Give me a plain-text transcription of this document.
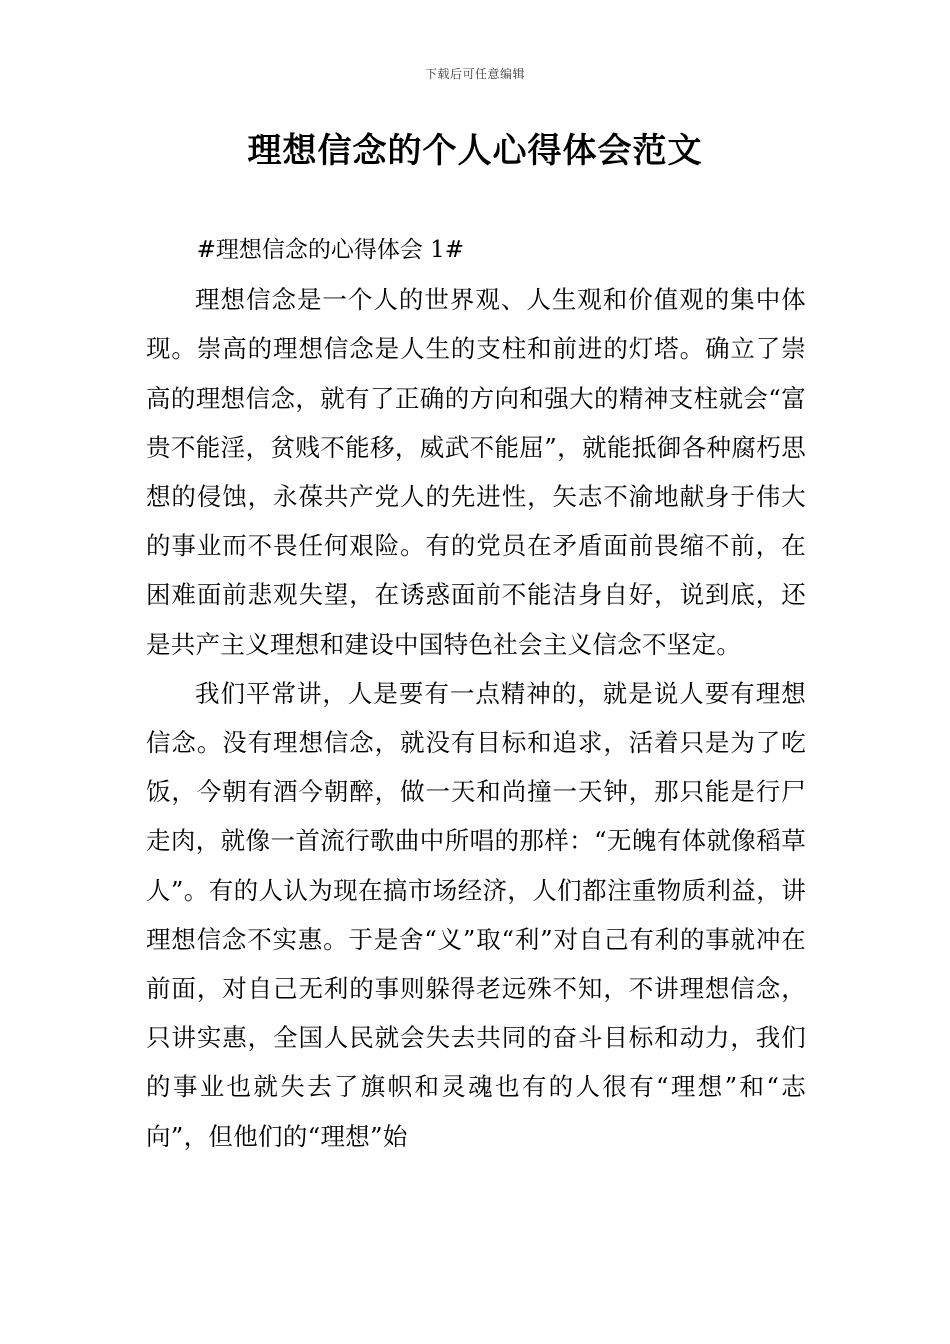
下载后可任意编辑
理想信念的个人心得体会范文

#理想信念的心得体会 1#

理想信念是一个人的世界观、人生观和价值观的集中体现。崇高的理想信念是人生的支柱和前进的灯塔。确立了崇高的理想信念，就有了正确的方向和强大的精神支柱就会“富贵不能淫，贫贱不能移，威武不能屈”，就能抵御各种腐朽思想的侵蚀，永葆共产党人的先进性，矢志不渝地献身于伟大的事业而不畏任何艰险。有的党员在矛盾面前畏缩不前，在困难面前悲观失望，在诱惑面前不能洁身自好，说到底，还是共产主义理想和建设中国特色社会主义信念不坚定。

我们平常讲，人是要有一点精神的，就是说人要有理想信念。没有理想信念，就没有目标和追求，活着只是为了吃饭，今朝有酒今朝醉，做一天和尚撞一天钟，那只能是行尸走肉，就像一首流行歌曲中所唱的那样：“无魄有体就像稻草人”。有的人认为现在搞市场经济，人们都注重物质利益，讲理想信念不实惠。于是舍“义”取“利”对自己有利的事就冲在前面，对自己无利的事则躲得老远殊不知，不讲理想信念，只讲实惠，全国人民就会失去共同的奋斗目标和动力，我们的事业也就失去了旗帜和灵魂也有的人很有“理想”和“志向”，但他们的“理想”始
